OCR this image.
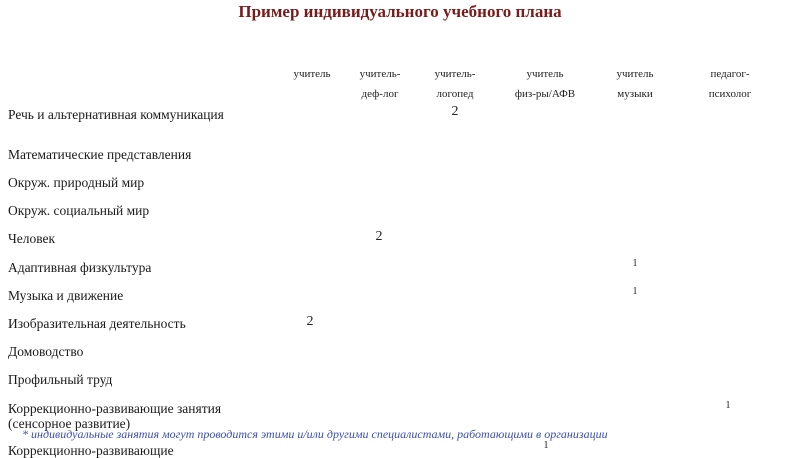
Пример индивидуального учебного плана
учитель	учитель-
деф-лог
учитель-
логопед
учитель
физ-ры/АФВ
учитель
музыки
педагог-
психолог
Речь и альтернативная коммуникация
Математические представления
Окруж. природный мир
Окруж. социальный мир
Человек
Адаптивная физкультура
Музыка и движение
Изобразительная деятельность
Домоводство
Профильный труд
Коррекционно-развивающие занятия (сенсорное развитие)
Коррекционно-развивающие
2
2
1
1
2
1
1
* индивидуальные занятия могут проводится этими и/или другими специалистами, работающими в организации
